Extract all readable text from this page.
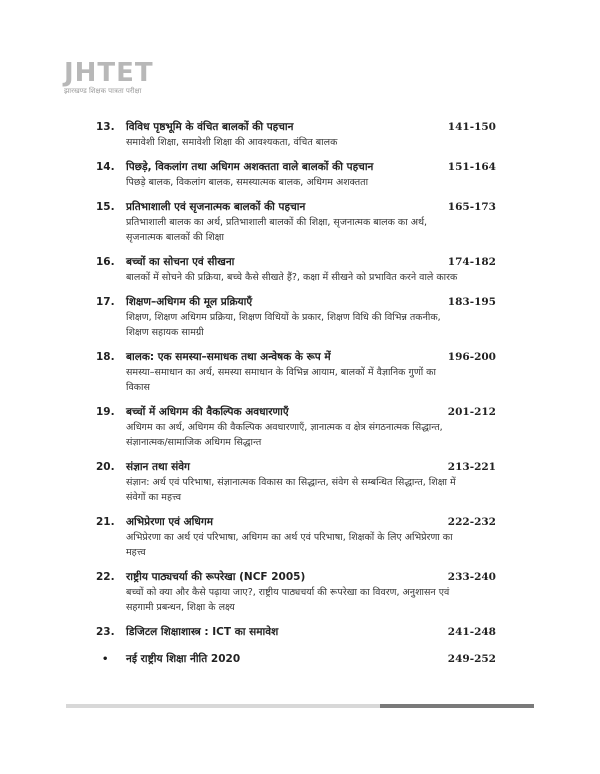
JHTET
झारखण्ड शिक्षक पात्रता परीक्षा
13.	विविध पृष्ठभूमि के वंचित बालकों की पहचान	141-150
समावेशी शिक्षा, समावेशी शिक्षा की आवश्यकता, वंचित बालक
14.	पिछड़े, विकलांग तथा अधिगम अशक्तता वाले बालकों की पहचान	151-164
पिछड़े बालक, विकलांग बालक, समस्यात्मक बालक, अधिगम अशक्तता
15.	प्रतिभाशाली एवं सृजनात्मक बालकों की पहचान	165-173
प्रतिभाशाली बालक का अर्थ, प्रतिभाशाली बालकों की शिक्षा, सृजनात्मक बालक का अर्थ, सृजनात्मक बालकों की शिक्षा
16.	बच्चों का सोचना एवं सीखना	174-182
बालकों में सोचने की प्रक्रिया, बच्चे कैसे सीखते हैं?, कक्षा में सीखने को प्रभावित करने वाले कारक
17.	शिक्षण–अधिगम की मूल प्रक्रियाएँ	183-195
शिक्षण, शिक्षण अधिगम प्रक्रिया, शिक्षण विधियों के प्रकार, शिक्षण विधि की विभिन्न तकनीक, शिक्षण सहायक सामग्री
18.	बालक: एक समस्या–समाधक तथा अन्वेषक के रूप में	196-200
समस्या–समाधान का अर्थ, समस्या समाधान के विभिन्न आयाम, बालकों में वैज्ञानिक गुणों का विकास
19.	बच्चों में अधिगम की वैकल्पिक अवधारणाएँ	201-212
अधिगम का अर्थ, अधिगम की वैकल्पिक अवधारणाएँ, ज्ञानात्मक व क्षेत्र संगठनात्मक सिद्धान्त, संज्ञानात्मक/सामाजिक अधिगम सिद्धान्त
20.	संज्ञान तथा संवेग	213-221
संज्ञान: अर्थ एवं परिभाषा, संज्ञानात्मक विकास का सिद्धान्त, संवेग से सम्बन्धित सिद्धान्त, शिक्षा में संवेगों का महत्त्व
21.	अभिप्रेरणा एवं अधिगम	222-232
अभिप्रेरणा का अर्थ एवं परिभाषा, अधिगम का अर्थ एवं परिभाषा, शिक्षकों के लिए अभिप्रेरणा का महत्त्व
22.	राष्ट्रीय पाठ्यचर्या की रूपरेखा (NCF 2005)	233-240
बच्चों को क्या और कैसे पढ़ाया जाए?, राष्ट्रीय पाठ्यचर्या की रूपरेखा का विवरण, अनुशासन एवं सहगामी प्रबन्धन, शिक्षा के लक्ष्य
23.	डिजिटल शिक्षाशास्त्र : ICT का समावेश	241-248
•	नई राष्ट्रीय शिक्षा नीति 2020	249-252
